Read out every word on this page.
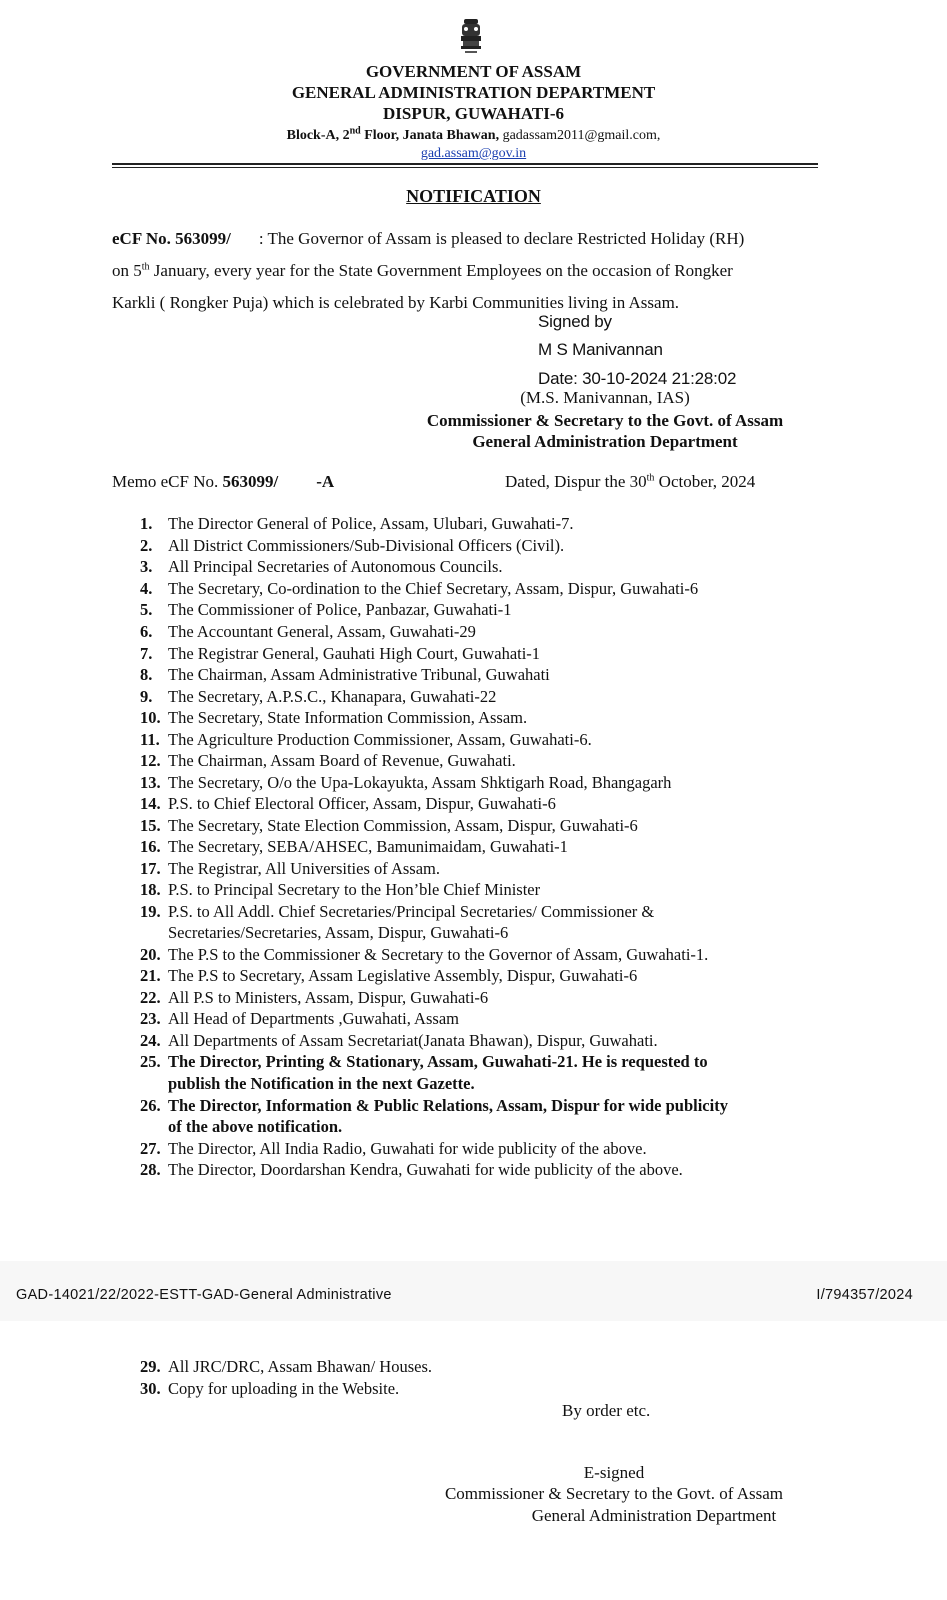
GOVERNMENT OF ASSAM
GENERAL ADMINISTRATION DEPARTMENT
DISPUR, GUWAHATI-6
Block-A, 2nd Floor, Janata Bhawan, gadassam2011@gmail.com,
gad.assam@gov.in
NOTIFICATION
eCF No. 563099/ : The Governor of Assam is pleased to declare Restricted Holiday (RH)
on 5th January, every year for the State Government Employees on the occasion of Rongker
Karkli ( Rongker Puja) which is celebrated by Karbi Communities living in Assam.
Signed by
M S Manivannan
Date: 30-10-2024 21:28:02
(M.S. Manivannan, IAS)
Commissioner & Secretary to the Govt. of Assam
General Administration Department
Memo eCF No. 563099/ -A	Dated, Dispur the 30th October, 2024
1. The Director General of Police, Assam, Ulubari, Guwahati-7.
2. All District Commissioners/Sub-Divisional Officers (Civil).
3. All Principal Secretaries of Autonomous Councils.
4. The Secretary, Co-ordination to the Chief Secretary, Assam, Dispur, Guwahati-6
5. The Commissioner of Police, Panbazar, Guwahati-1
6. The Accountant General, Assam, Guwahati-29
7. The Registrar General, Gauhati High Court, Guwahati-1
8. The Chairman, Assam Administrative Tribunal, Guwahati
9. The Secretary, A.P.S.C., Khanapara, Guwahati-22
10. The Secretary, State Information Commission, Assam.
11. The Agriculture Production Commissioner, Assam, Guwahati-6.
12. The Chairman, Assam Board of Revenue, Guwahati.
13. The Secretary, O/o the Upa-Lokayukta, Assam Shktigarh Road, Bhangagarh
14. P.S. to Chief Electoral Officer, Assam, Dispur, Guwahati-6
15. The Secretary, State Election Commission, Assam, Dispur, Guwahati-6
16. The Secretary, SEBA/AHSEC, Bamunimaidam, Guwahati-1
17. The Registrar, All Universities of Assam.
18. P.S. to Principal Secretary to the Hon’ble Chief Minister
19. P.S. to All Addl. Chief Secretaries/Principal Secretaries/ Commissioner &
Secretaries/Secretaries, Assam, Dispur, Guwahati-6
20. The P.S to the Commissioner & Secretary to the Governor of Assam, Guwahati-1.
21. The P.S to Secretary, Assam Legislative Assembly, Dispur, Guwahati-6
22. All P.S to Ministers, Assam, Dispur, Guwahati-6
23. All Head of Departments ,Guwahati, Assam
24. All Departments of Assam Secretariat(Janata Bhawan), Dispur, Guwahati.
25. The Director, Printing & Stationary, Assam, Guwahati-21. He is requested to
publish the Notification in the next Gazette.
26. The Director, Information & Public Relations, Assam, Dispur for wide publicity
of the above notification.
27. The Director, All India Radio, Guwahati for wide publicity of the above.
28. The Director, Doordarshan Kendra, Guwahati for wide publicity of the above.
29. All JRC/DRC, Assam Bhawan/ Houses.
30. Copy for uploading in the Website.
GAD-14021/22/2022-ESTT-GAD-General Administrative	I/794357/2024
By order etc.
E-signed
Commissioner & Secretary to the Govt. of Assam
General Administration Department
